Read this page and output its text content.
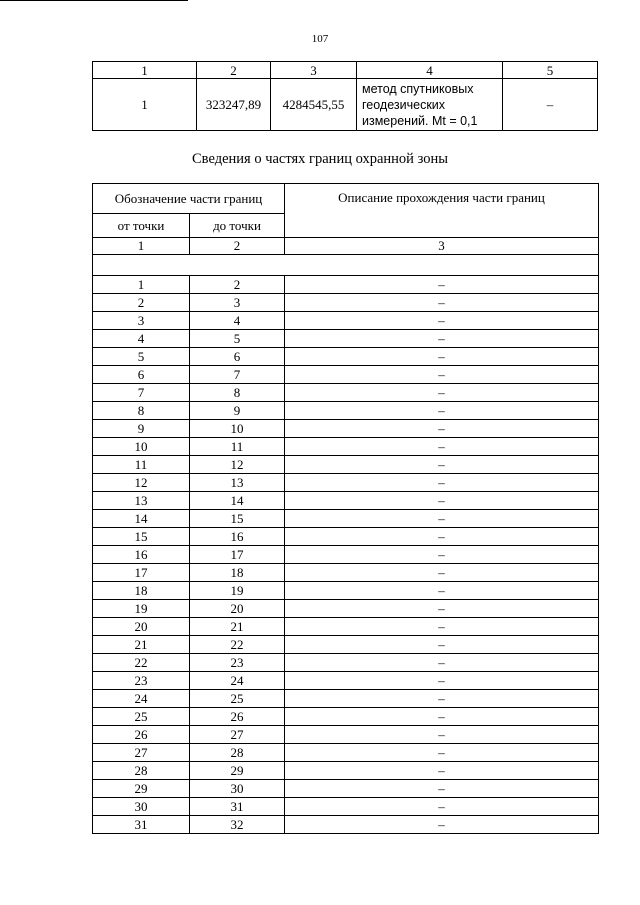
107
1	2	3	4	5
1	323247,89	4284545,55	метод спутниковых
геодезических
измерений. Mt = 0,1	–
Сведения о частях границ охранной зоны
Обозначение части границ		Описание прохождения части границ
от точки	до точки	
1	2	3

1	2	–
2	3	–
3	4	–
4	5	–
5	6	–
6	7	–
7	8	–
8	9	–
9	10	–
10	11	–
11	12	–
12	13	–
13	14	–
14	15	–
15	16	–
16	17	–
17	18	–
18	19	–
19	20	–
20	21	–
21	22	–
22	23	–
23	24	–
24	25	–
25	26	–
26	27	–
27	28	–
28	29	–
29	30	–
30	31	–
31	32	–
